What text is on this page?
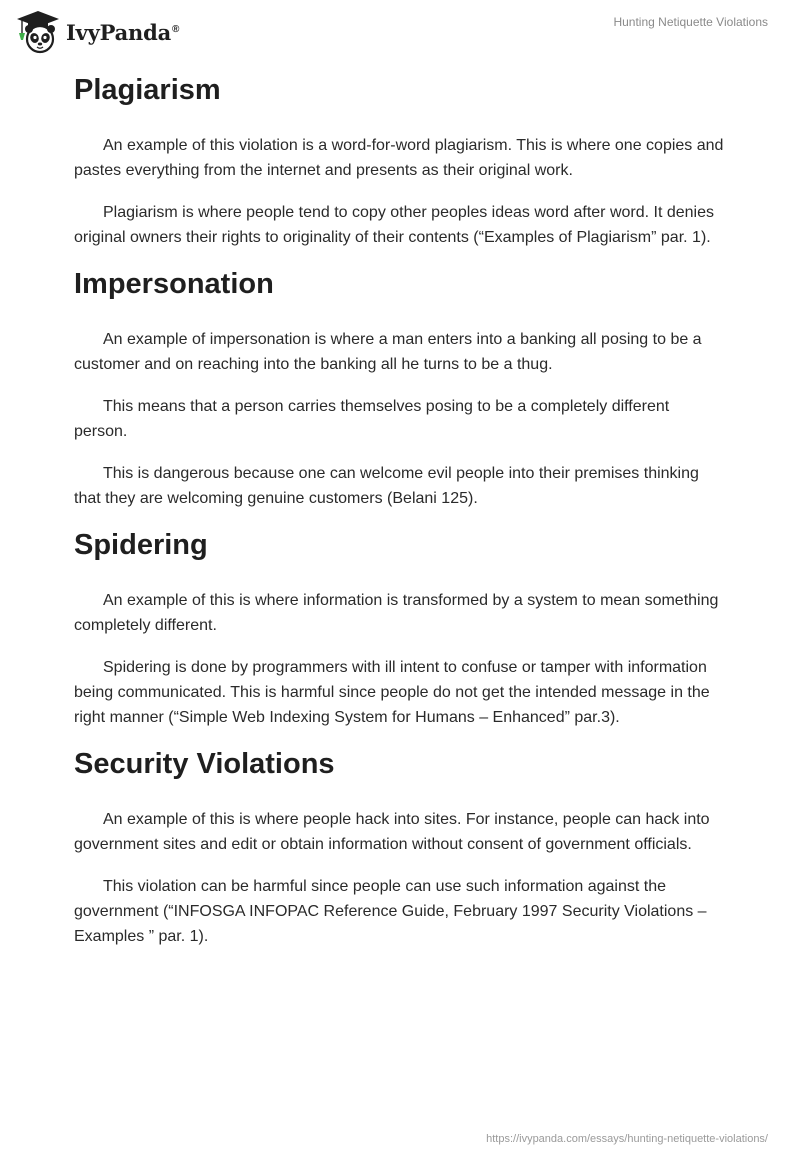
IvyPanda®	Hunting Netiquette Violations
Plagiarism

An example of this violation is a word-for-word plagiarism. This is where one copies and pastes everything from the internet and presents as their original work.

Plagiarism is where people tend to copy other peoples ideas word after word. It denies original owners their rights to originality of their contents (“Examples of Plagiarism” par. 1).

Impersonation

An example of impersonation is where a man enters into a banking all posing to be a customer and on reaching into the banking all he turns to be a thug.

This means that a person carries themselves posing to be a completely different person.

This is dangerous because one can welcome evil people into their premises thinking that they are welcoming genuine customers (Belani 125).

Spidering

An example of this is where information is transformed by a system to mean something completely different.

Spidering is done by programmers with ill intent to confuse or tamper with information being communicated. This is harmful since people do not get the intended message in the right manner (“Simple Web Indexing System for Humans – Enhanced” par.3).

Security Violations

An example of this is where people hack into sites. For instance, people can hack into government sites and edit or obtain information without consent of government officials.

This violation can be harmful since people can use such information against the government (“INFOSGA INFOPAC Reference Guide, February 1997 Security Violations – Examples ” par. 1).

https://ivypanda.com/essays/hunting-netiquette-violations/
